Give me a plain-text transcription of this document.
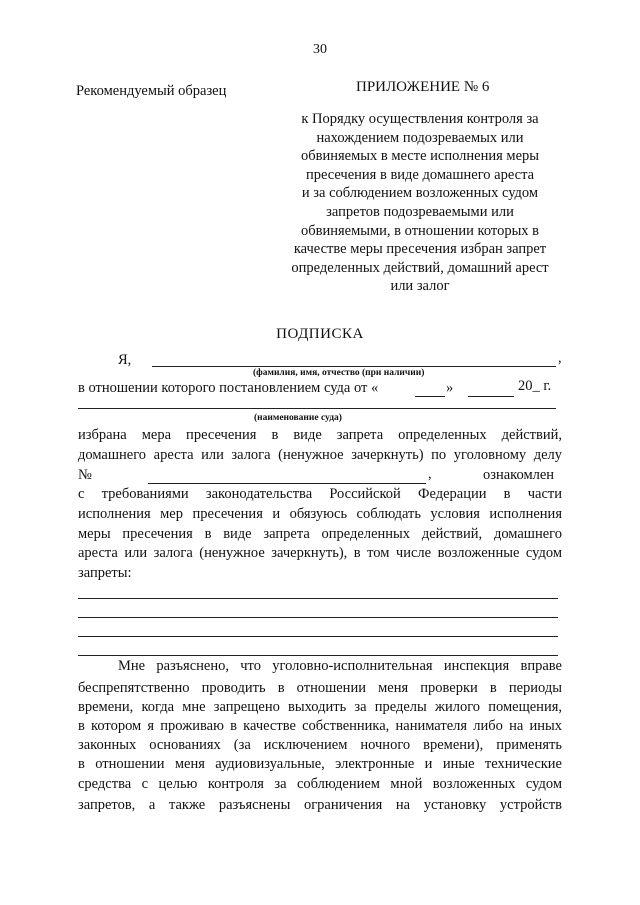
30
Рекомендуемый образец	ПРИЛОЖЕНИЕ № 6
к Порядку осуществления контроля за
нахождением подозреваемых или
обвиняемых в месте исполнения меры
пресечения в виде домашнего ареста
и за соблюдением возложенных судом
запретов подозреваемыми или
обвиняемыми, в отношении которых в
качестве меры пресечения избран запрет
определенных действий, домашний арест
или залог
ПОДПИСКА
Я,	,
(фамилия, имя, отчество (при наличии)
в отношении которого постановлением суда от «	»	20_ г.
(наименование суда)
избрана мера пресечения в виде запрета определенных действий,
домашнего ареста или залога (ненужное зачеркнуть) по уголовному делу
№	,	ознакомлен
с требованиями законодательства Российской Федерации в части
исполнения мер пресечения и обязуюсь соблюдать условия исполнения
меры пресечения в виде запрета определенных действий, домашнего
ареста или залога (ненужное зачеркнуть), в том числе возложенные судом
запреты:
Мне разъяснено, что уголовно-исполнительная инспекция вправе
беспрепятственно проводить в отношении меня проверки в периоды
времени, когда мне запрещено выходить за пределы жилого помещения,
в котором я проживаю в качестве собственника, нанимателя либо на иных
законных основаниях (за исключением ночного времени), применять
в отношении меня аудиовизуальные, электронные и иные технические
средства с целью контроля за соблюдением мной возложенных судом
запретов, а также разъяснены ограничения на установку устройств
